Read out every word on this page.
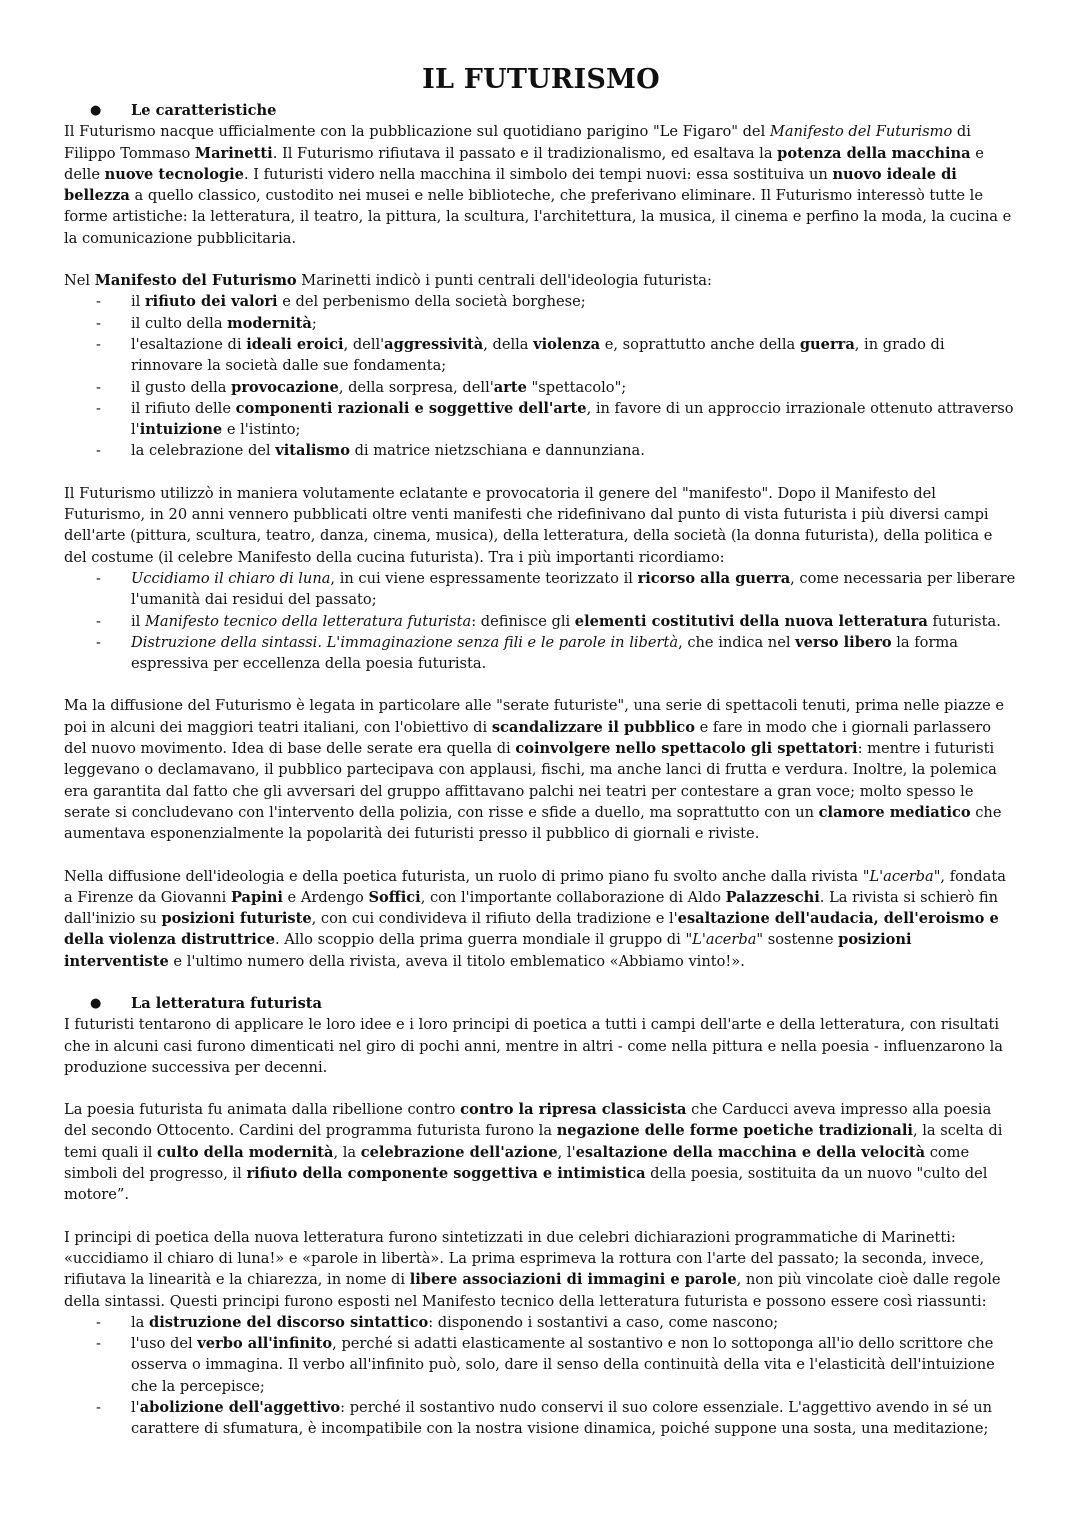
IL FUTURISMO
● Le caratteristiche

Il Futurismo nacque ufficialmente con la pubblicazione sul quotidiano parigino "Le Figaro" del Manifesto del Futurismo di Filippo Tommaso Marinetti. Il Futurismo rifiutava il passato e il tradizionalismo, ed esaltava la potenza della macchina e delle nuove tecnologie. I futuristi videro nella macchina il simbolo dei tempi nuovi: essa sostituiva un nuovo ideale di bellezza a quello classico, custodito nei musei e nelle biblioteche, che preferivano eliminare. Il Futurismo interessò tutte le forme artistiche: la letteratura, il teatro, la pittura, la scultura, l'architettura, la musica, il cinema e perfino la moda, la cucina e la comunicazione pubblicitaria.

Nel Manifesto del Futurismo Marinetti indicò i punti centrali dell'ideologia futurista:

- il rifiuto dei valori e del perbenismo della società borghese;
- il culto della modernità;
- l'esaltazione di ideali eroici, dell'aggressività, della violenza e, soprattutto anche della guerra, in grado di rinnovare la società dalle sue fondamenta;
- il gusto della provocazione, della sorpresa, dell'arte "spettacolo";
- il rifiuto delle componenti razionali e soggettive dell'arte, in favore di un approccio irrazionale ottenuto attraverso l'intuizione e l'istinto;
- la celebrazione del vitalismo di matrice nietzschiana e dannunziana.

Il Futurismo utilizzò in maniera volutamente eclatante e provocatoria il genere del "manifesto". Dopo il Manifesto del Futurismo, in 20 anni vennero pubblicati oltre venti manifesti che ridefinivano dal punto di vista futurista i più diversi campi dell'arte (pittura, scultura, teatro, danza, cinema, musica), della letteratura, della società (la donna futurista), della politica e del costume (il celebre Manifesto della cucina futurista). Tra i più importanti ricordiamo:

- Uccidiamo il chiaro di luna, in cui viene espressamente teorizzato il ricorso alla guerra, come necessaria per liberare l'umanità dai residui del passato;
- il Manifesto tecnico della letteratura futurista: definisce gli elementi costitutivi della nuova letteratura futurista.
- Distruzione della sintassi. L'immaginazione senza fili e le parole in libertà, che indica nel verso libero la forma espressiva per eccellenza della poesia futurista.

Ma la diffusione del Futurismo è legata in particolare alle "serate futuriste", una serie di spettacoli tenuti, prima nelle piazze e poi in alcuni dei maggiori teatri italiani, con l'obiettivo di scandalizzare il pubblico e fare in modo che i giornali parlassero del nuovo movimento. Idea di base delle serate era quella di coinvolgere nello spettacolo gli spettatori: mentre i futuristi leggevano o declamavano, il pubblico partecipava con applausi, fischi, ma anche lanci di frutta e verdura. Inoltre, la polemica era garantita dal fatto che gli avversari del gruppo affittavano palchi nei teatri per contestare a gran voce; molto spesso le serate si concludevano con l'intervento della polizia, con risse e sfide a duello, ma soprattutto con un clamore mediatico che aumentava esponenzialmente la popolarità dei futuristi presso il pubblico di giornali e riviste.

Nella diffusione dell'ideologia e della poetica futurista, un ruolo di primo piano fu svolto anche dalla rivista "L'acerba", fondata a Firenze da Giovanni Papini e Ardengo Soffici, con l'importante collaborazione di Aldo Palazzeschi. La rivista si schierò fin dall'inizio su posizioni futuriste, con cui condivideva il rifiuto della tradizione e l'esaltazione dell'audacia, dell'eroismo e della violenza distruttrice. Allo scoppio della prima guerra mondiale il gruppo di "L'acerba" sostenne posizioni interventiste e l'ultimo numero della rivista, aveva il titolo emblematico «Abbiamo vinto!».

● La letteratura futurista

I futuristi tentarono di applicare le loro idee e i loro principi di poetica a tutti i campi dell'arte e della letteratura, con risultati che in alcuni casi furono dimenticati nel giro di pochi anni, mentre in altri - come nella pittura e nella poesia - influenzarono la produzione successiva per decenni.

La poesia futurista fu animata dalla ribellione contro contro la ripresa classicista che Carducci aveva impresso alla poesia del secondo Ottocento. Cardini del programma futurista furono la negazione delle forme poetiche tradizionali, la scelta di temi quali il culto della modernità, la celebrazione dell'azione, l'esaltazione della macchina e della velocità come simboli del progresso, il rifiuto della componente soggettiva e intimistica della poesia, sostituita da un nuovo "culto del motore”.

I principi di poetica della nuova letteratura furono sintetizzati in due celebri dichiarazioni programmatiche di Marinetti: «uccidiamo il chiaro di luna!» e «parole in libertà». La prima esprimeva la rottura con l'arte del passato; la seconda, invece, rifiutava la linearità e la chiarezza, in nome di libere associazioni di immagini e parole, non più vincolate cioè dalle regole della sintassi. Questi principi furono esposti nel Manifesto tecnico della letteratura futurista e possono essere così riassunti:

- la distruzione del discorso sintattico: disponendo i sostantivi a caso, come nascono;
- l'uso del verbo all'infinito, perché si adatti elasticamente al sostantivo e non lo sottoponga all'io dello scrittore che osserva o immagina. Il verbo all'infinito può, solo, dare il senso della continuità della vita e l'elasticità dell'intuizione che la percepisce;
- l'abolizione dell'aggettivo: perché il sostantivo nudo conservi il suo colore essenziale. L'aggettivo avendo in sé un carattere di sfumatura, è incompatibile con la nostra visione dinamica, poiché suppone una sosta, una meditazione;
